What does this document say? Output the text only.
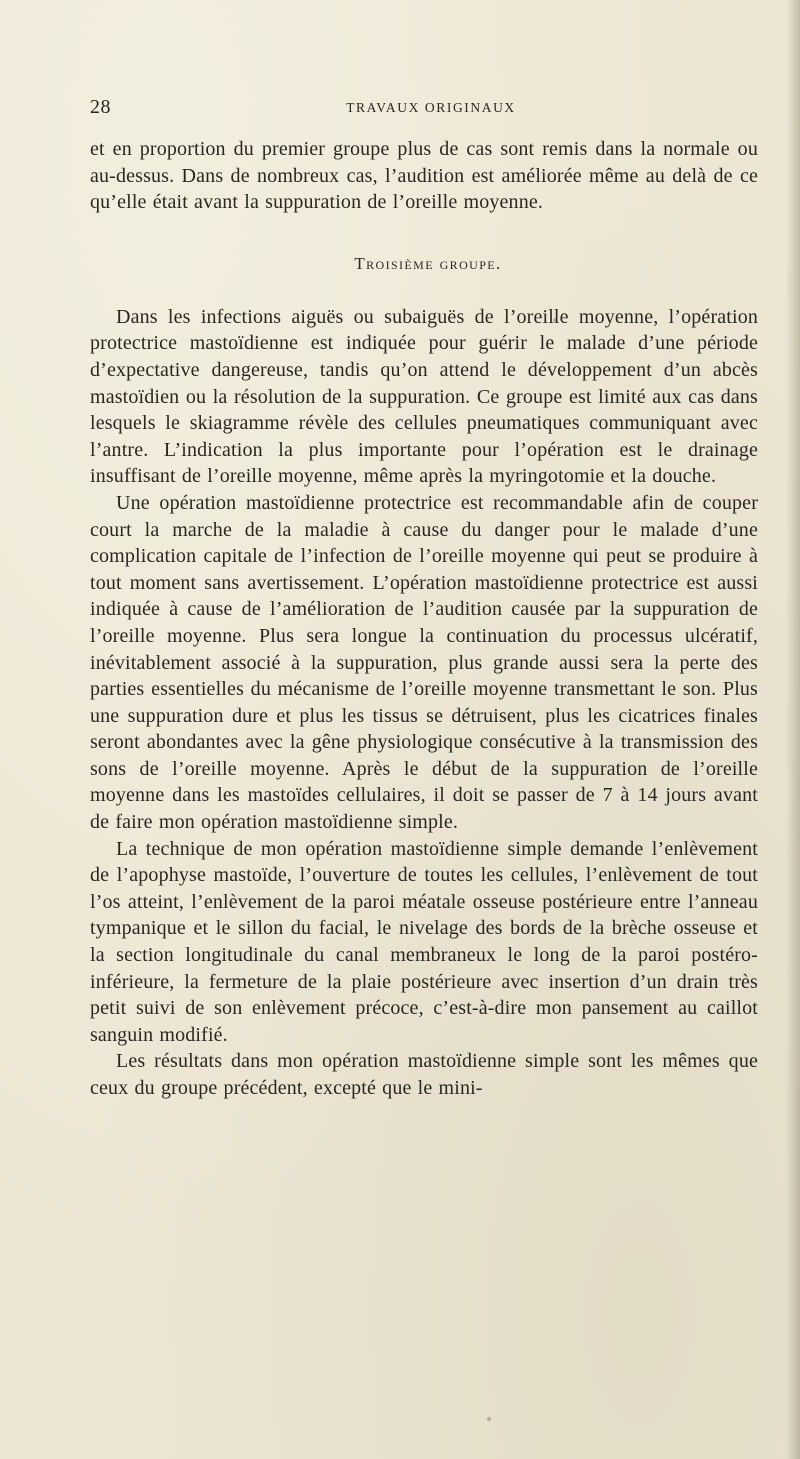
28	TRAVAUX ORIGINAUX

et en proportion du premier groupe plus de cas sont remis dans la normale ou au-dessus. Dans de nombreux cas, l’audition est améliorée même au delà de ce qu’elle était avant la suppuration de l’oreille moyenne.

Troisième groupe.

Dans les infections aiguës ou subaiguës de l’oreille moyenne, l’opération protectrice mastoïdienne est indiquée pour guérir le malade d’une période d’expectative dangereuse, tandis qu’on attend le développement d’un abcès mastoïdien ou la résolution de la suppuration. Ce groupe est limité aux cas dans lesquels le skiagramme révèle des cellules pneumatiques communiquant avec l’antre. L’indication la plus importante pour l’opération est le drainage insuffisant de l’oreille moyenne, même après la myringotomie et la douche.

Une opération mastoïdienne protectrice est recommandable afin de couper court la marche de la maladie à cause du danger pour le malade d’une complication capitale de l’infection de l’oreille moyenne qui peut se produire à tout moment sans avertissement. L’opération mastoïdienne protectrice est aussi indiquée à cause de l’amélioration de l’audition causée par la suppuration de l’oreille moyenne. Plus sera longue la continuation du processus ulcératif, inévitablement associé à la suppuration, plus grande aussi sera la perte des parties essentielles du mécanisme de l’oreille moyenne transmettant le son. Plus une suppuration dure et plus les tissus se détruisent, plus les cicatrices finales seront abondantes avec la gêne physiologique consécutive à la transmission des sons de l’oreille moyenne. Après le début de la suppuration de l’oreille moyenne dans les mastoïdes cellulaires, il doit se passer de 7 à 14 jours avant de faire mon opération mastoïdienne simple.

La technique de mon opération mastoïdienne simple demande l’enlèvement de l’apophyse mastoïde, l’ouverture de toutes les cellules, l’enlèvement de tout l’os atteint, l’enlèvement de la paroi méatale osseuse postérieure entre l’anneau tympanique et le sillon du facial, le nivelage des bords de la brèche osseuse et la section longitudinale du canal membraneux le long de la paroi postéro-inférieure, la fermeture de la plaie postérieure avec insertion d’un drain très petit suivi de son enlèvement précoce, c’est-à-dire mon pansement au caillot sanguin modifié.

Les résultats dans mon opération mastoïdienne simple sont les mêmes que ceux du groupe précédent, excepté que le mini-
